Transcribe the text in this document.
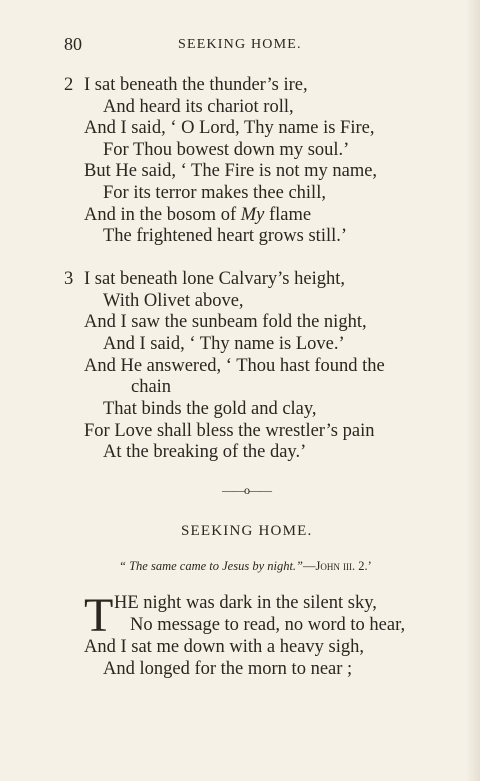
80	SEEKING HOME.
2 I sat beneath the thunder’s ire,
And heard its chariot roll,
And I said, ‘ O Lord, Thy name is Fire,
For Thou bowest down my soul.’
But He said, ‘ The Fire is not my name,
For its terror makes thee chill,
And in the bosom of My flame
The frightened heart grows still.’
3 I sat beneath lone Calvary’s height,
With Olivet above,
And I saw the sunbeam fold the night,
And I said, ‘ Thy name is Love.’
And He answered, ‘ Thou hast found the
chain
That binds the gold and clay,
For Love shall bless the wrestler’s pain
At the breaking of the day.’
——o——
SEEKING HOME.
“ The same came to Jesus by night.”—John iii. 2.’
T HE night was dark in the silent sky,
No message to read, no word to hear,
And I sat me down with a heavy sigh,
And longed for the morn to near ;
